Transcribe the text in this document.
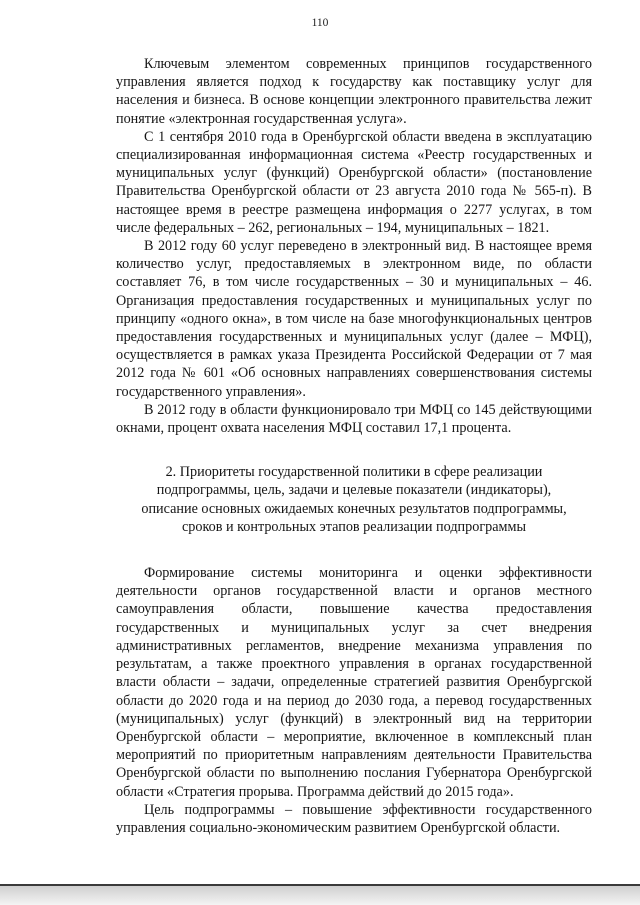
110

Ключевым элементом современных принципов государственного управления является подход к государству как поставщику услуг для населения и бизнеса. В основе концепции электронного правительства лежит понятие «электронная государственная услуга».

С 1 сентября 2010 года в Оренбургской области введена в эксплуатацию специализированная информационная система «Реестр государственных и муниципальных услуг (функций) Оренбургской области» (постановление Правительства Оренбургской области от 23 августа 2010 года № 565-п). В настоящее время в реестре размещена информация о 2277 услугах, в том числе федеральных – 262, региональных – 194, муниципальных – 1821.

В 2012 году 60 услуг переведено в электронный вид. В настоящее время количество услуг, предоставляемых в электронном виде, по области составляет 76, в том числе государственных – 30 и муниципальных – 46. Организация предоставления государственных и муниципальных услуг по принципу «одного окна», в том числе на базе многофункциональных центров предоставления государственных и муниципальных услуг (далее – МФЦ), осуществляется в рамках указа Президента Российской Федерации от 7 мая 2012 года № 601 «Об основных направлениях совершенствования системы государственного управления».

В 2012 году в области функционировало три МФЦ со 145 действующими окнами, процент охвата населения МФЦ составил 17,1 процента.

2. Приоритеты государственной политики в сфере реализации
подпрограммы, цель, задачи и целевые показатели (индикаторы),
описание основных ожидаемых конечных результатов подпрограммы,
сроков и контрольных этапов реализации подпрограммы

Формирование системы мониторинга и оценки эффективности деятельности органов государственной власти и органов местного самоуправления области, повышение качества предоставления государственных и муниципальных услуг за счет внедрения административных регламентов, внедрение механизма управления по результатам, а также проектного управления в органах государственной власти области – задачи, определенные стратегией развития Оренбургской области до 2020 года и на период до 2030 года, а перевод государственных (муниципальных) услуг (функций) в электронный вид на территории Оренбургской области – мероприятие, включенное в комплексный план мероприятий по приоритетным направлениям деятельности Правительства Оренбургской области по выполнению послания Губернатора Оренбургской области «Стратегия прорыва. Программа действий до 2015 года».

Цель подпрограммы – повышение эффективности государственного управления социально-экономическим развитием Оренбургской области.
